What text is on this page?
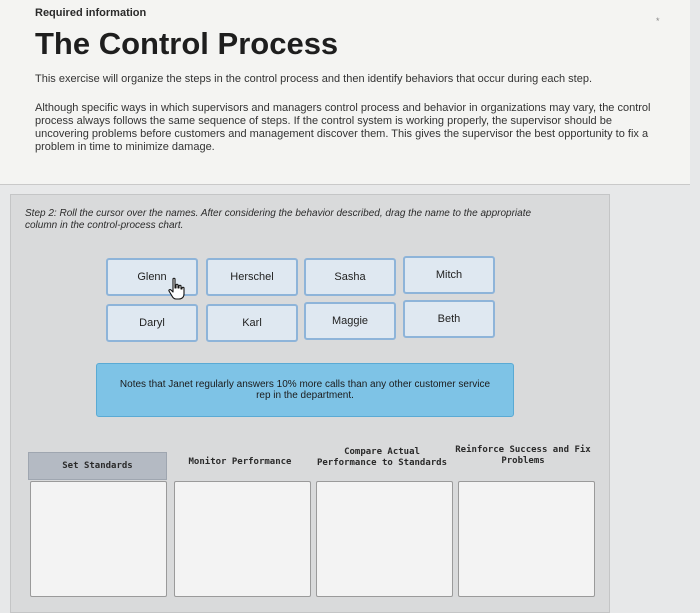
Required information
The Control Process
*
This exercise will organize the steps in the control process and then identify behaviors that occur during each step.
Although specific ways in which supervisors and managers control process and behavior in organizations may vary, the control process always follows the same sequence of steps. If the control system is working properly, the supervisor should be uncovering problems before customers and management discover them. This gives the supervisor the best opportunity to fix a problem in time to minimize damage.
Step 2: Roll the cursor over the names. After considering the behavior described, drag the name to the appropriate column in the control-process chart.
Glenn	Herschel	Sasha	Mitch
Daryl	Karl	Maggie	Beth
Notes that Janet regularly answers 10% more calls than any other customer service rep in the department.
Set Standards	Monitor Performance
Compare Actual Performance to Standards
Reinforce Success and Fix Problems
